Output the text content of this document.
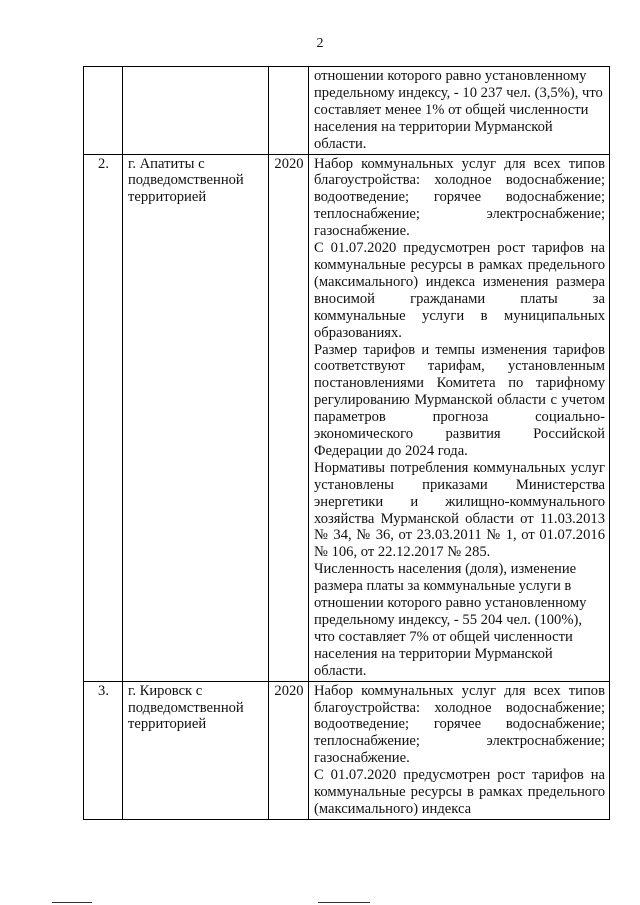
2

			отношении которого равно установленному предельному индексу, - 10 237 чел. (3,5%), что составляет менее 1% от общей численности населения на территории Мурманской области.

2.	г. Апатиты с подведомственной территорией	2020	Набор коммунальных услуг для всех типов благоустройства: холодное водоснабжение; водоотведение; горячее водоснабжение; теплоснабжение; электроснабжение; газоснабжение.
С 01.07.2020 предусмотрен рост тарифов на коммунальные ресурсы в рамках предельного (максимального) индекса изменения размера вносимой гражданами платы за коммунальные услуги в муниципальных образованиях.
Размер тарифов и темпы изменения тарифов соответствуют тарифам, установленным постановлениями Комитета по тарифному регулированию Мурманской области с учетом параметров прогноза социально-экономического развития Российской Федерации до 2024 года.
Нормативы потребления коммунальных услуг установлены приказами Министерства энергетики и жилищно-коммунального хозяйства Мурманской области от 11.03.2013 № 34, № 36, от 23.03.2011 № 1, от 01.07.2016 № 106, от 22.12.2017 № 285.
Численность населения (доля), изменение размера платы за коммунальные услуги в отношении которого равно установленному предельному индексу, - 55 204 чел. (100%), что составляет 7% от общей численности населения на территории Мурманской области.

3.	г. Кировск с подведомственной территорией	2020	Набор коммунальных услуг для всех типов благоустройства: холодное водоснабжение; водоотведение; горячее водоснабжение; теплоснабжение; электроснабжение; газоснабжение.
С 01.07.2020 предусмотрен рост тарифов на коммунальные ресурсы в рамках предельного (максимального) индекса
